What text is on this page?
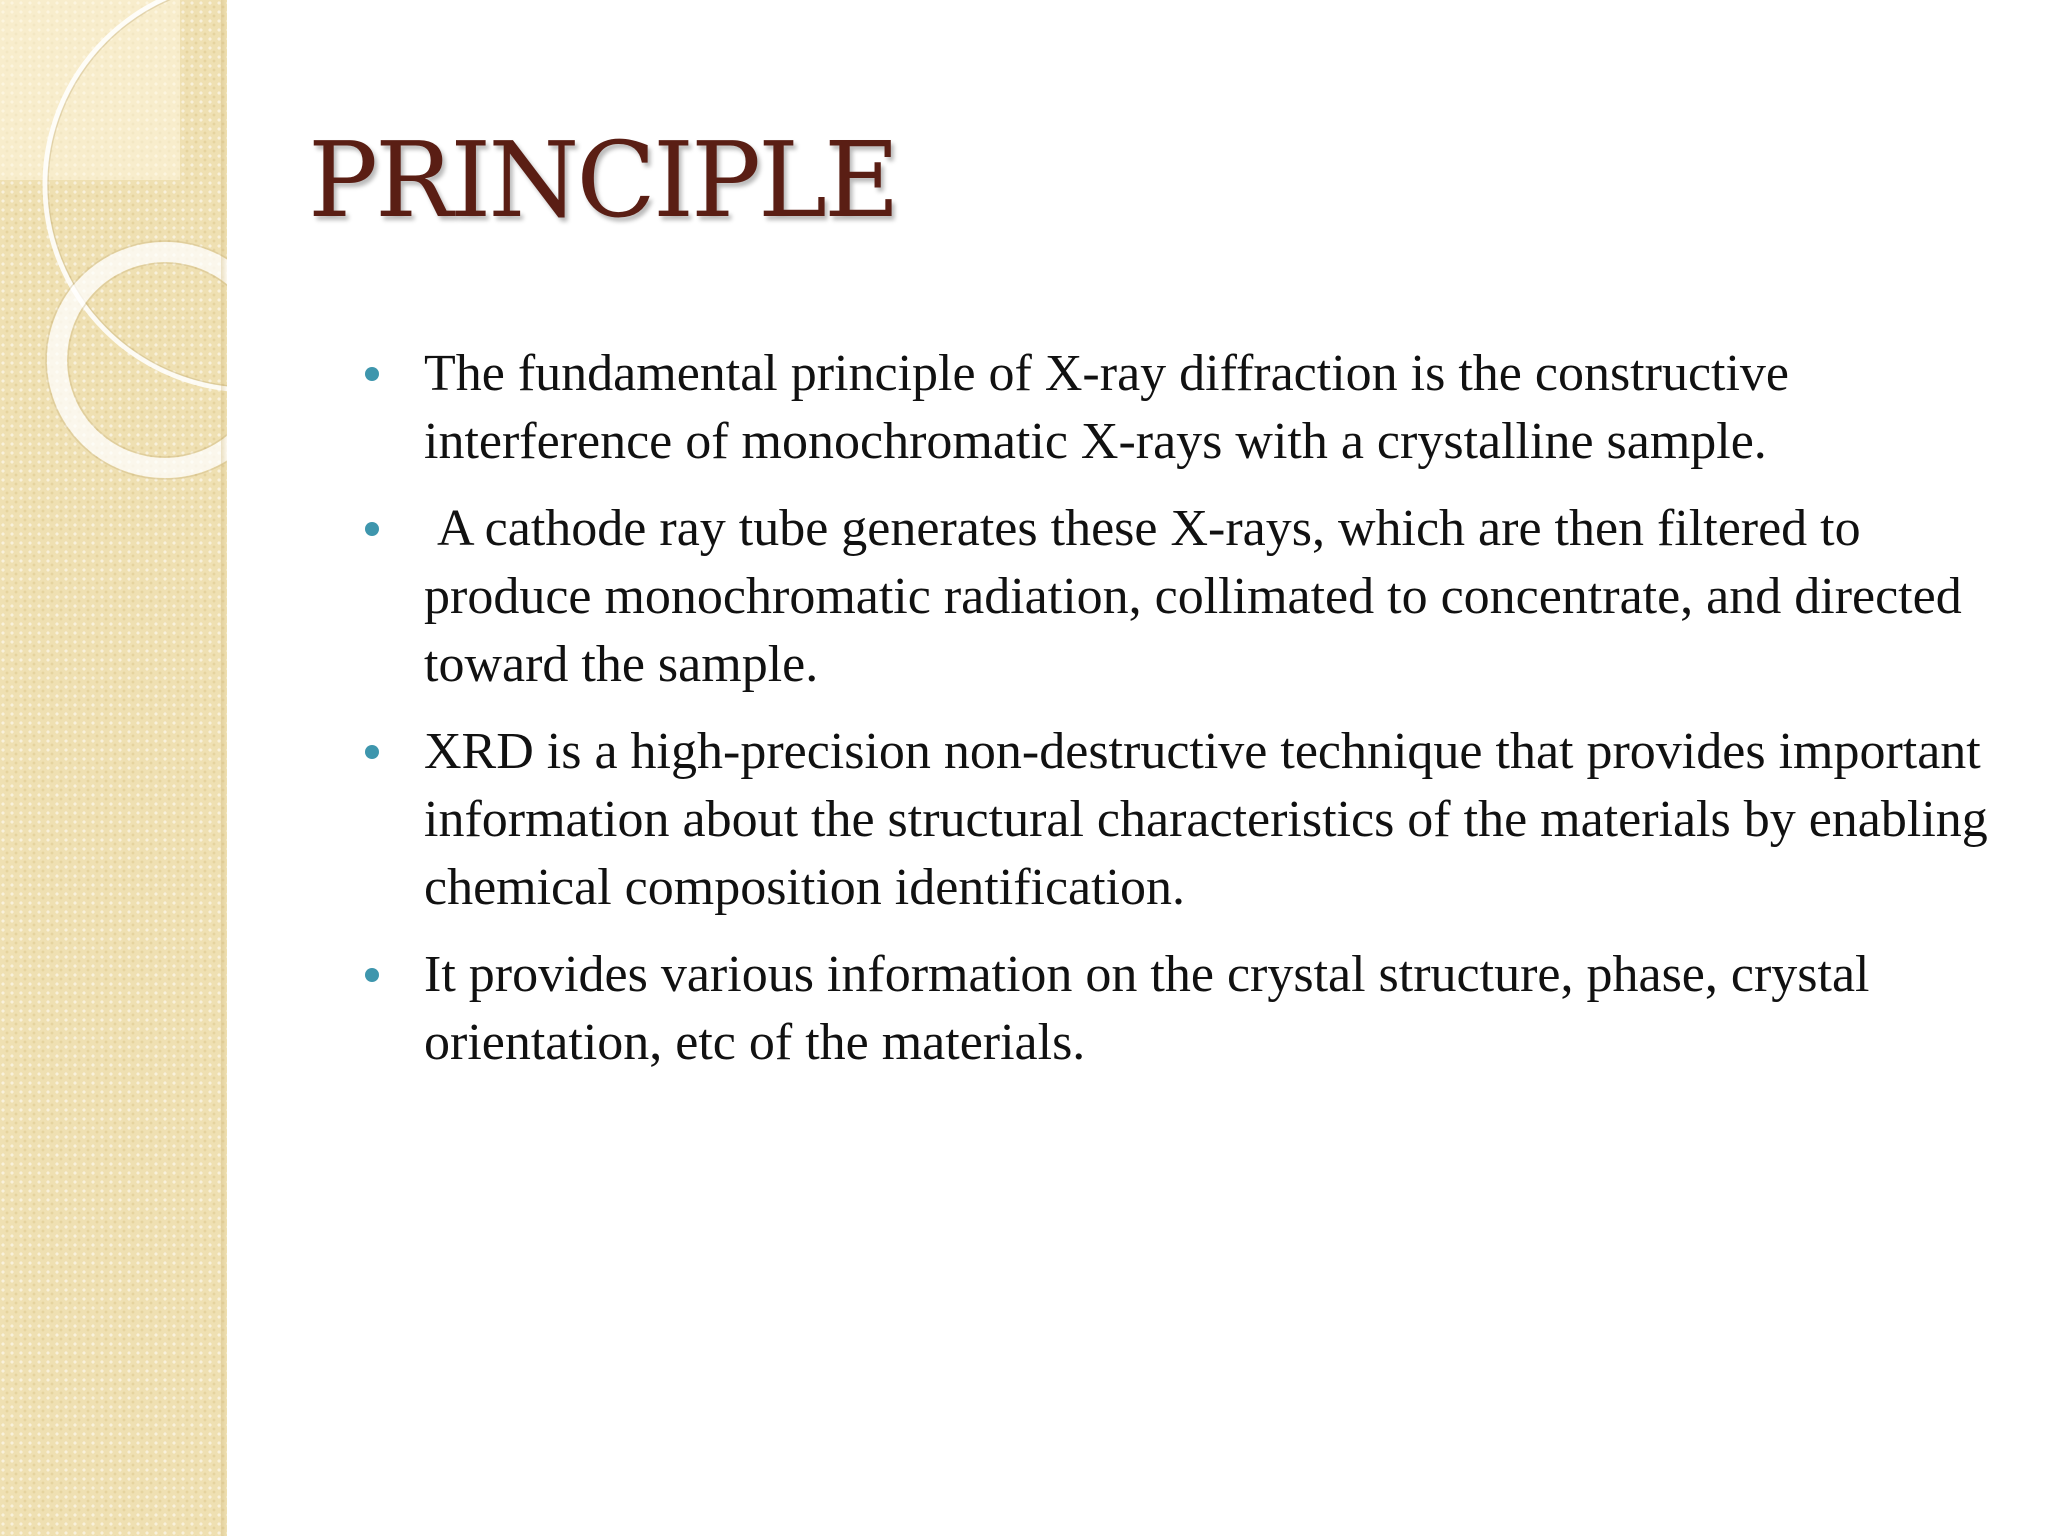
PRINCIPLE
The fundamental principle of X-ray diffraction is the constructive interference of monochromatic X-rays with a crystalline sample.
A cathode ray tube generates these X-rays, which are then filtered to produce monochromatic radiation, collimated to concentrate, and directed toward the sample.
XRD is a high-precision non-destructive technique that provides important information about the structural characteristics of the materials by enabling chemical composition identification.
It provides various information on the crystal structure, phase, crystal orientation, etc of the materials.
